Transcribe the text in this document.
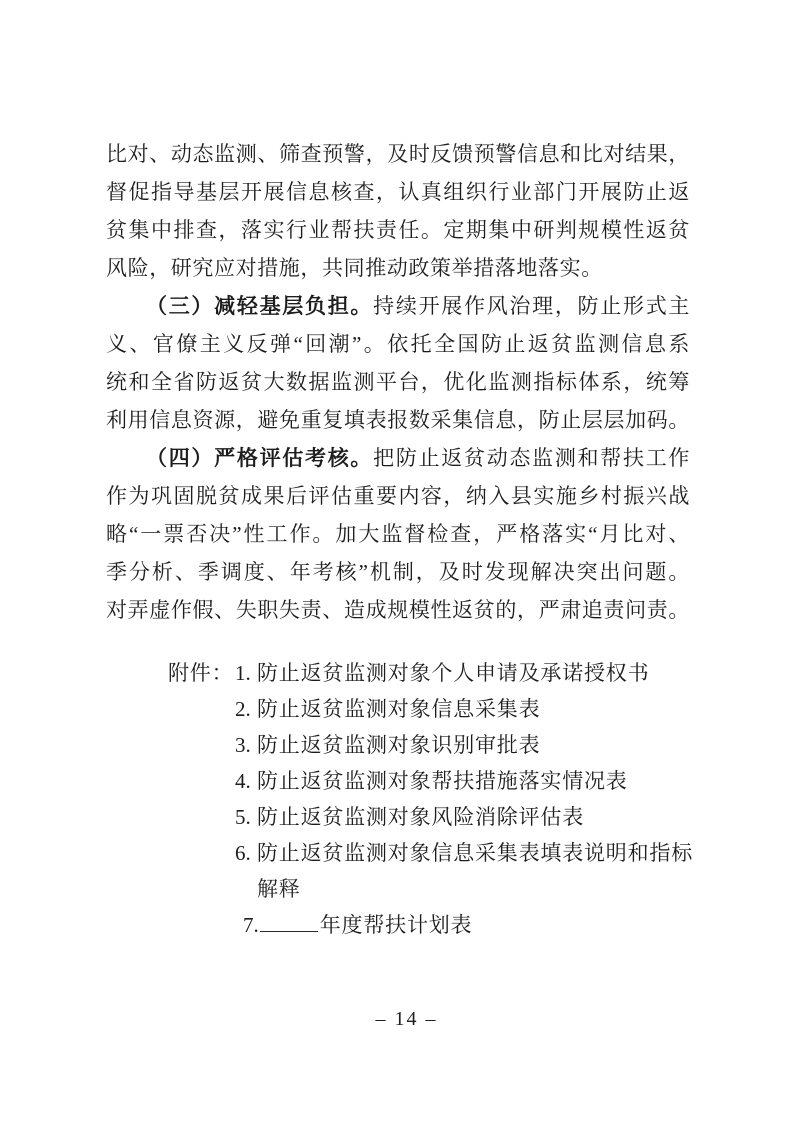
比对、动态监测、筛查预警，及时反馈预警信息和比对结果，
督促指导基层开展信息核查，认真组织行业部门开展防止返
贫集中排查，落实行业帮扶责任。定期集中研判规模性返贫
风险，研究应对措施，共同推动政策举措落地落实。
（三）减轻基层负担。持续开展作风治理，防止形式主
义、官僚主义反弹“回潮”。依托全国防止返贫监测信息系
统和全省防返贫大数据监测平台，优化监测指标体系，统筹
利用信息资源，避免重复填表报数采集信息，防止层层加码。
（四）严格评估考核。把防止返贫动态监测和帮扶工作
作为巩固脱贫成果后评估重要内容，纳入县实施乡村振兴战
略“一票否决”性工作。加大监督检查，严格落实“月比对、
季分析、季调度、年考核”机制，及时发现解决突出问题。
对弄虚作假、失职失责、造成规模性返贫的，严肃追责问责。
附件： 1. 防止返贫监测对象个人申请及承诺授权书
2. 防止返贫监测对象信息采集表
3. 防止返贫监测对象识别审批表
4. 防止返贫监测对象帮扶措施落实情况表
5. 防止返贫监测对象风险消除评估表
6. 防止返贫监测对象信息采集表填表说明和指标
解释
7.	年度帮扶计划表
– 14 –
